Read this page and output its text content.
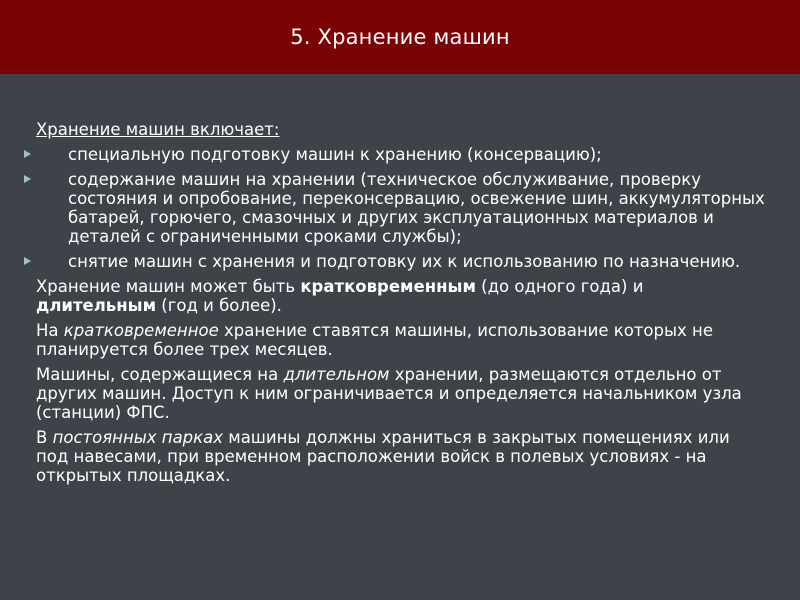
5. Хранение машин

Хранение машин включает:

специальную подготовку машин к хранению (консервацию);
содержание машин на хранении (техническое обслуживание, проверку состояния и опробование, переконсервацию, освежение шин, аккумуляторных батарей, горючего, смазочных и других эксплуатационных материалов и деталей с ограниченными сроками службы);
снятие машин с хранения и подготовку их к использованию по назначению.

Хранение машин может быть кратковременным (до одного года) и длительным (год и более).

На кратковременное хранение ставятся машины, использование которых не планируется более трех месяцев.

Машины, содержащиеся на длительном хранении, размещаются отдельно от других машин. Доступ к ним ограничивается и определяется начальником узла (станции) ФПС.

В постоянных парках машины должны храниться в закрытых помещениях или под навесами, при временном расположении войск в полевых условиях - на открытых площадках.
